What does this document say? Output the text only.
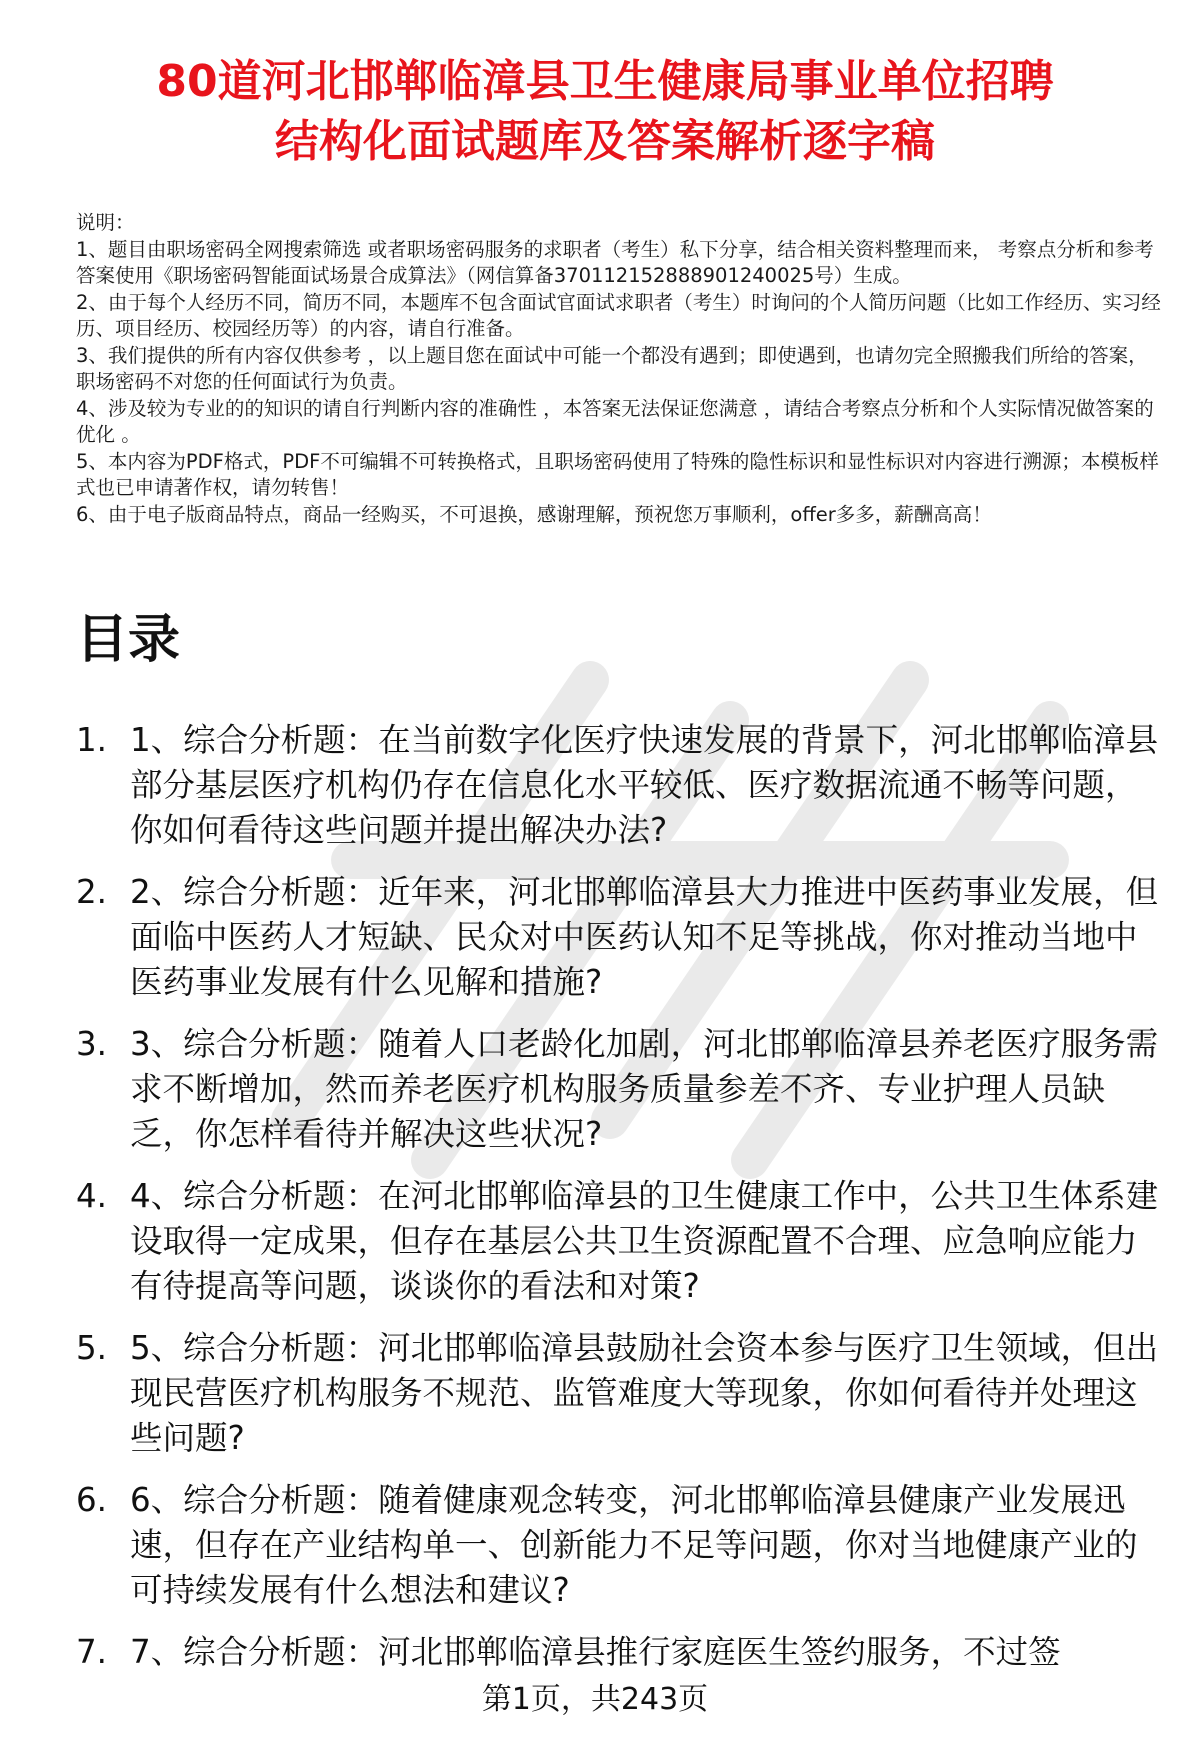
80道河北邯郸临漳县卫生健康局事业单位招聘
结构化面试题库及答案解析逐字稿

说明：

1、题目由职场密码全网搜索筛选 或者职场密码服务的求职者（考生）私下分享，结合相关资料整理而来， 考察点分析和参考答案使用《职场密码智能面试场景合成算法》（网信算备370112152888901240025号）生成。

2、由于每个人经历不同，简历不同，本题库不包含面试官面试求职者（考生）时询问的个人简历问题（比如工作经历、实习经历、项目经历、校园经历等）的内容，请自行准备。

3、我们提供的所有内容仅供参考 ，以上题目您在面试中可能一个都没有遇到；即使遇到，也请勿完全照搬我们所给的答案，职场密码不对您的任何面试行为负责。

4、涉及较为专业的的知识的请自行判断内容的准确性 ，本答案无法保证您满意 ，请结合考察点分析和个人实际情况做答案的优化 。

5、本内容为PDF格式，PDF不可编辑不可转换格式，且职场密码使用了特殊的隐性标识和显性标识对内容进行溯源；本模板样式也已申请著作权，请勿转售！

6、由于电子版商品特点，商品一经购买，不可退换，感谢理解，预祝您万事顺利，offer多多，薪酬高高！

目录
1. 1、综合分析题：在当前数字化医疗快速发展的背景下，河北邯郸临漳县部分基层医疗机构仍存在信息化水平较低、医疗数据流通不畅等问题，你如何看待这些问题并提出解决办法?
2. 2、综合分析题：近年来，河北邯郸临漳县大力推进中医药事业发展，但面临中医药人才短缺、民众对中医药认知不足等挑战，你对推动当地中医药事业发展有什么见解和措施?
3. 3、综合分析题：随着人口老龄化加剧，河北邯郸临漳县养老医疗服务需求不断增加，然而养老医疗机构服务质量参差不齐、专业护理人员缺乏，你怎样看待并解决这些状况?
4. 4、综合分析题：在河北邯郸临漳县的卫生健康工作中，公共卫生体系建设取得一定成果，但存在基层公共卫生资源配置不合理、应急响应能力有待提高等问题，谈谈你的看法和对策?
5. 5、综合分析题：河北邯郸临漳县鼓励社会资本参与医疗卫生领域，但出现民营医疗机构服务不规范、监管难度大等现象，你如何看待并处理这些问题?
6. 6、综合分析题：随着健康观念转变，河北邯郸临漳县健康产业发展迅速，但存在产业结构单一、创新能力不足等问题，你对当地健康产业的可持续发展有什么想法和建议?
7. 7、综合分析题：河北邯郸临漳县推行家庭医生签约服务，不过签
第1页，共243页
